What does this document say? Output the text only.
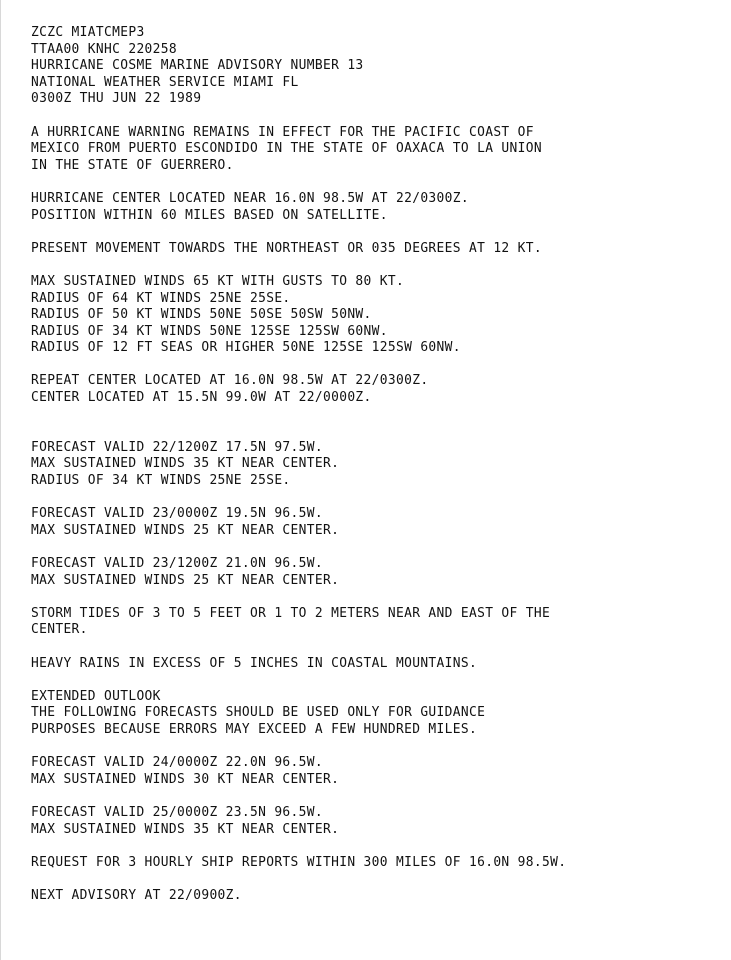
ZCZC MIATCMEP3
TTAA00 KNHC 220258
HURRICANE COSME MARINE ADVISORY NUMBER 13
NATIONAL WEATHER SERVICE MIAMI FL
0300Z THU JUN 22 1989
A HURRICANE WARNING REMAINS IN EFFECT FOR THE PACIFIC COAST OF
MEXICO FROM PUERTO ESCONDIDO IN THE STATE OF OAXACA TO LA UNION
IN THE STATE OF GUERRERO.
HURRICANE CENTER LOCATED NEAR 16.0N 98.5W AT 22/0300Z.
POSITION WITHIN 60 MILES BASED ON SATELLITE.
PRESENT MOVEMENT TOWARDS THE NORTHEAST OR 035 DEGREES AT 12 KT.
MAX SUSTAINED WINDS 65 KT WITH GUSTS TO 80 KT.
RADIUS OF 64 KT WINDS 25NE 25SE.
RADIUS OF 50 KT WINDS 50NE 50SE 50SW 50NW.
RADIUS OF 34 KT WINDS 50NE 125SE 125SW 60NW.
RADIUS OF 12 FT SEAS OR HIGHER 50NE 125SE 125SW 60NW.
REPEAT CENTER LOCATED AT 16.0N 98.5W AT 22/0300Z.
CENTER LOCATED AT 15.5N 99.0W AT 22/0000Z.
FORECAST VALID 22/1200Z 17.5N 97.5W.
MAX SUSTAINED WINDS 35 KT NEAR CENTER.
RADIUS OF 34 KT WINDS 25NE 25SE.
FORECAST VALID 23/0000Z 19.5N 96.5W.
MAX SUSTAINED WINDS 25 KT NEAR CENTER.
FORECAST VALID 23/1200Z 21.0N 96.5W.
MAX SUSTAINED WINDS 25 KT NEAR CENTER.
STORM TIDES OF 3 TO 5 FEET OR 1 TO 2 METERS NEAR AND EAST OF THE
CENTER.
HEAVY RAINS IN EXCESS OF 5 INCHES IN COASTAL MOUNTAINS.
EXTENDED OUTLOOK
THE FOLLOWING FORECASTS SHOULD BE USED ONLY FOR GUIDANCE
PURPOSES BECAUSE ERRORS MAY EXCEED A FEW HUNDRED MILES.
FORECAST VALID 24/0000Z 22.0N 96.5W.
MAX SUSTAINED WINDS 30 KT NEAR CENTER.
FORECAST VALID 25/0000Z 23.5N 96.5W.
MAX SUSTAINED WINDS 35 KT NEAR CENTER.
REQUEST FOR 3 HOURLY SHIP REPORTS WITHIN 300 MILES OF 16.0N 98.5W.
NEXT ADVISORY AT 22/0900Z.
